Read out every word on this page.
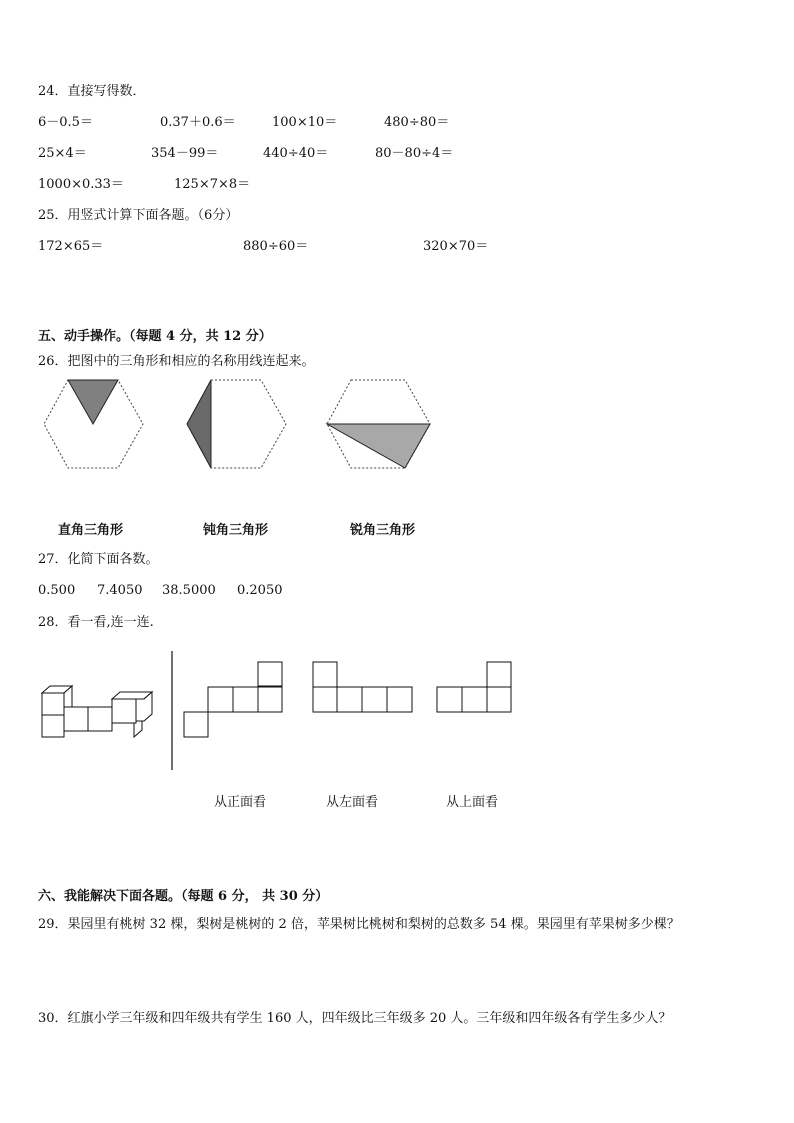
24．直接写得数．
6－0.5＝	0.37＋0.6＝	100×10＝	480÷80＝
25×4＝	354－99＝	440÷40＝	80－80÷4＝
1000×0.33＝	125×7×8＝
25．用竖式计算下面各题。（6分）
172×65＝	880÷60＝	320×70＝
五、动手操作。（每题 4 分，共 12 分）
26．把图中的三角形和相应的名称用线连起来。
直角三角形	钝角三角形	锐角三角形
27．化简下面各数。
0.500 7.4050 38.5000 0.2050
28．看一看,连一连.
从正面看	从左面看	从上面看
六、我能解决下面各题。（每题 6 分， 共 30 分）
29．果园里有桃树 32 棵，梨树是桃树的 2 倍，苹果树比桃树和梨树的总数多 54 棵。果园里有苹果树多少棵？
30．红旗小学三年级和四年级共有学生 160 人，四年级比三年级多 20 人。三年级和四年级各有学生多少人？
